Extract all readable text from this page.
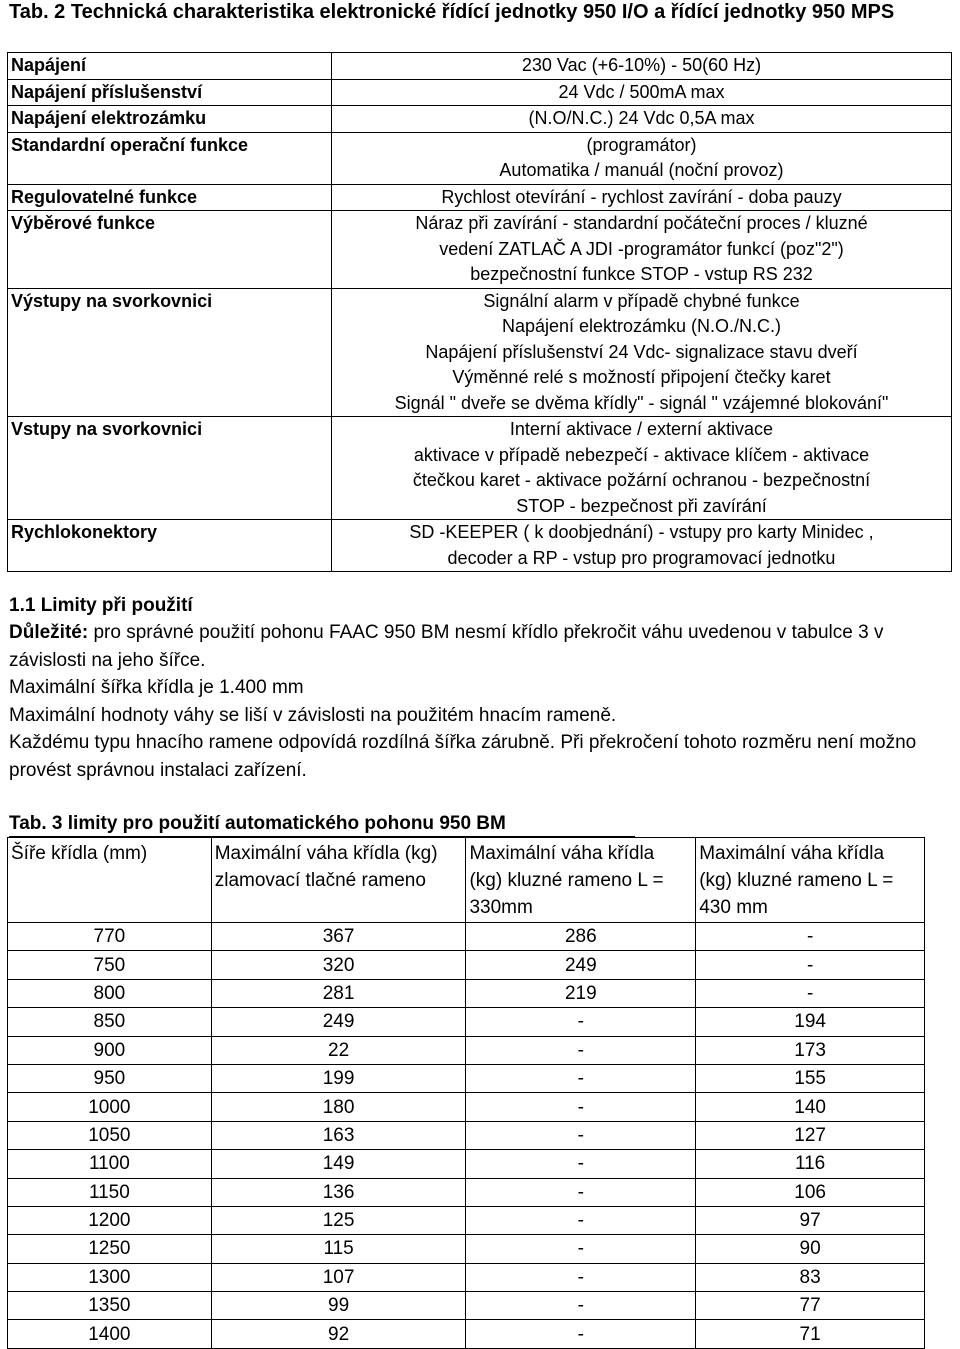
Tab. 2 Technická charakteristika elektronické řídící jednotky 950 I/O a řídící jednotky 950 MPS
Napájení	230 Vac (+6-10%) - 50(60 Hz)

Napájení příslušenství	24 Vdc / 500mA max

Napájení elektrozámku	(N.O/N.C.) 24 Vdc 0,5A max

Standardní operační funkce	(programátor)
Automatika / manuál (noční provoz)

Regulovatelné funkce	Rychlost otevírání - rychlost zavírání - doba pauzy

Výběrové funkce	Náraz při zavírání - standardní počáteční proces / kluzné
vedení ZATLAČ A JDI -programátor funkcí (poz"2")
bezpečnostní funkce STOP - vstup RS 232

Výstupy na svorkovnici	Signální alarm v případě chybné funkce
Napájení elektrozámku (N.O./N.C.)
Napájení příslušenství 24 Vdc- signalizace stavu dveří
Výměnné relé s možností připojení čtečky karet
Signál " dveře se dvěma křídly" - signál " vzájemné blokování"

Vstupy na svorkovnici	Interní aktivace / externí aktivace
aktivace v případě nebezpečí - aktivace klíčem - aktivace
čtečkou karet - aktivace požární ochranou - bezpečnostní
STOP - bezpečnost při zavírání

Rychlokonektory	SD -KEEPER ( k doobjednání) - vstupy pro karty Minidec ,
decoder a RP - vstup pro programovací jednotku
1.1 Limity při použití

Důležité: pro správné použití pohonu FAAC 950 BM nesmí křídlo překročit váhu uvedenou v tabulce 3 v závislosti na jeho šířce.

Maximální šířka křídla je 1.400 mm

Maximální hodnoty váhy se liší v závislosti na použitém hnacím rameně.

Každému typu hnacího ramene odpovídá rozdílná šířka zárubně. Při překročení tohoto rozměru není možno provést správnou instalaci zařízení.

Tab. 3 limity pro použití automatického pohonu 950 BM
Šíře křídla (mm)	Maximální váha křídla (kg) zlamovací tlačné rameno	Maximální váha křídla (kg) kluzné rameno L = 330mm	Maximální váha křídla (kg) kluzné rameno L = 430 mm
770	367	286	-
750	320	249	-
800	281	219	-
850	249	-	194
900	22	-	173
950	199	-	155
1000	180	-	140
1050	163	-	127
1100	149	-	116
1150	136	-	106
1200	125	-	97
1250	115	-	90
1300	107	-	83
1350	99	-	77
1400	92	-	71
